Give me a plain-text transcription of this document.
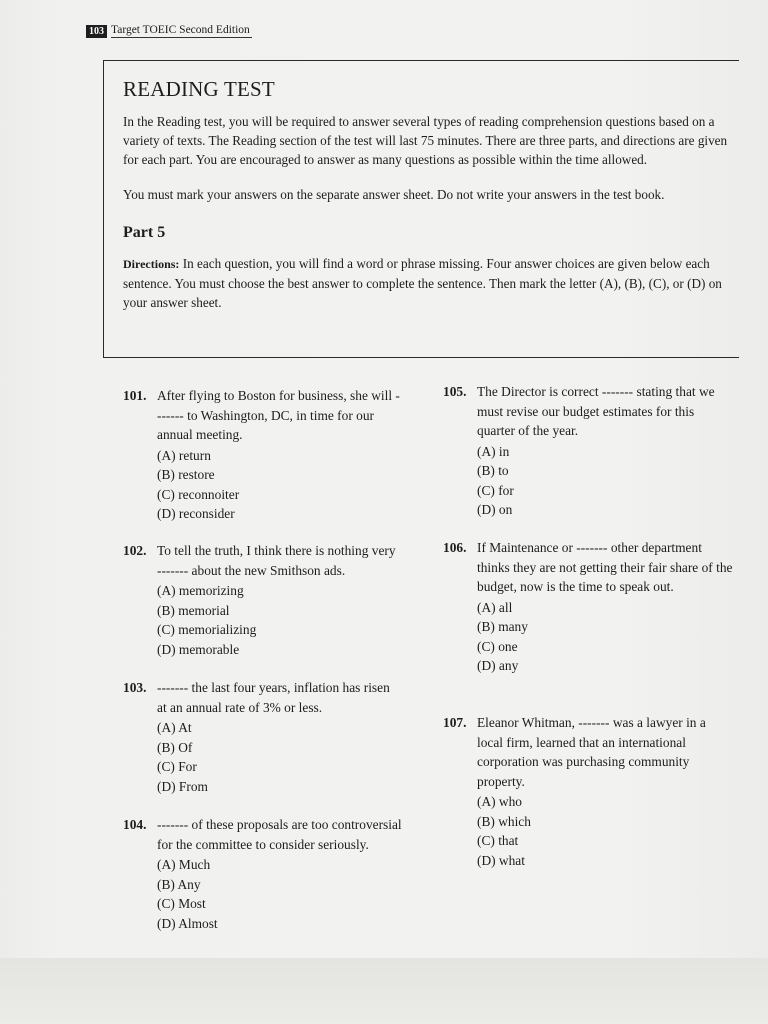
103 Target TOEIC Second Edition
READING TEST

In the Reading test, you will be required to answer several types of reading comprehension questions based on a variety of texts. The Reading section of the test will last 75 minutes. There are three parts, and directions are given for each part. You are encouraged to answer as many questions as possible within the time allowed.

You must mark your answers on the separate answer sheet. Do not write your answers in the test book.

Part 5

Directions: In each question, you will find a word or phrase missing. Four answer choices are given below each sentence. You must choose the best answer to complete the sentence. Then mark the letter (A), (B), (C), or (D) on your answer sheet.

101. After flying to Boston for business, she will ------- to Washington, DC, in time for our annual meeting.
(A) return
(B) restore
(C) reconnoiter
(D) reconsider
102. To tell the truth, I think there is nothing very ------- about the new Smithson ads.
(A) memorizing
(B) memorial
(C) memorializing
(D) memorable
103. ------- the last four years, inflation has risen at an annual rate of 3% or less.
(A) At
(B) Of
(C) For
(D) From
104. ------- of these proposals are too controversial for the committee to consider seriously.
(A) Much
(B) Any
(C) Most
(D) Almost
105. The Director is correct ------- stating that we must revise our budget estimates for this quarter of the year.
(A) in
(B) to
(C) for
(D) on
106. If Maintenance or ------- other department thinks they are not getting their fair share of the budget, now is the time to speak out.
(A) all
(B) many
(C) one
(D) any
107. Eleanor Whitman, ------- was a lawyer in a local firm, learned that an international corporation was purchasing community property.
(A) who
(B) which
(C) that
(D) what
